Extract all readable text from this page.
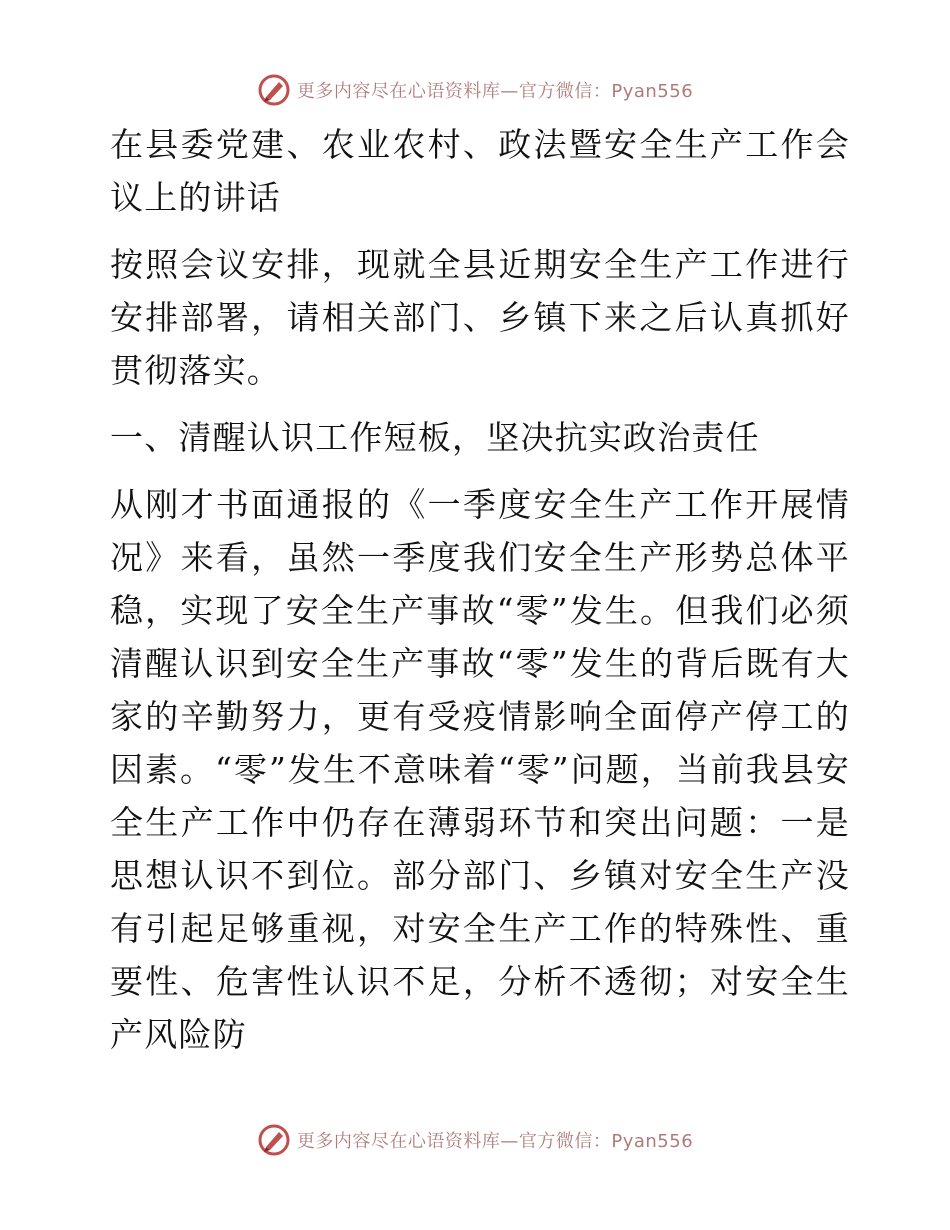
更多内容尽在心语资料库—官方微信：Pyan556

在县委党建、农业农村、政法暨安全生产工作会议上的讲话

按照会议安排，现就全县近期安全生产工作进行安排部署，请相关部门、乡镇下来之后认真抓好贯彻落实。

一、清醒认识工作短板，坚决抗实政治责任

从刚才书面通报的《一季度安全生产工作开展情况》来看，虽然一季度我们安全生产形势总体平稳，实现了安全生产事故“零”发生。但我们必须清醒认识到安全生产事故“零”发生的背后既有大家的辛勤努力，更有受疫情影响全面停产停工的因素。“零”发生不意味着“零”问题，当前我县安全生产工作中仍存在薄弱环节和突出问题：一是思想认识不到位。部分部门、乡镇对安全生产没有引起足够重视，对安全生产工作的特殊性、重要性、危害性认识不足，分析不透彻；对安全生产风险防

更多内容尽在心语资料库—官方微信：Pyan556
